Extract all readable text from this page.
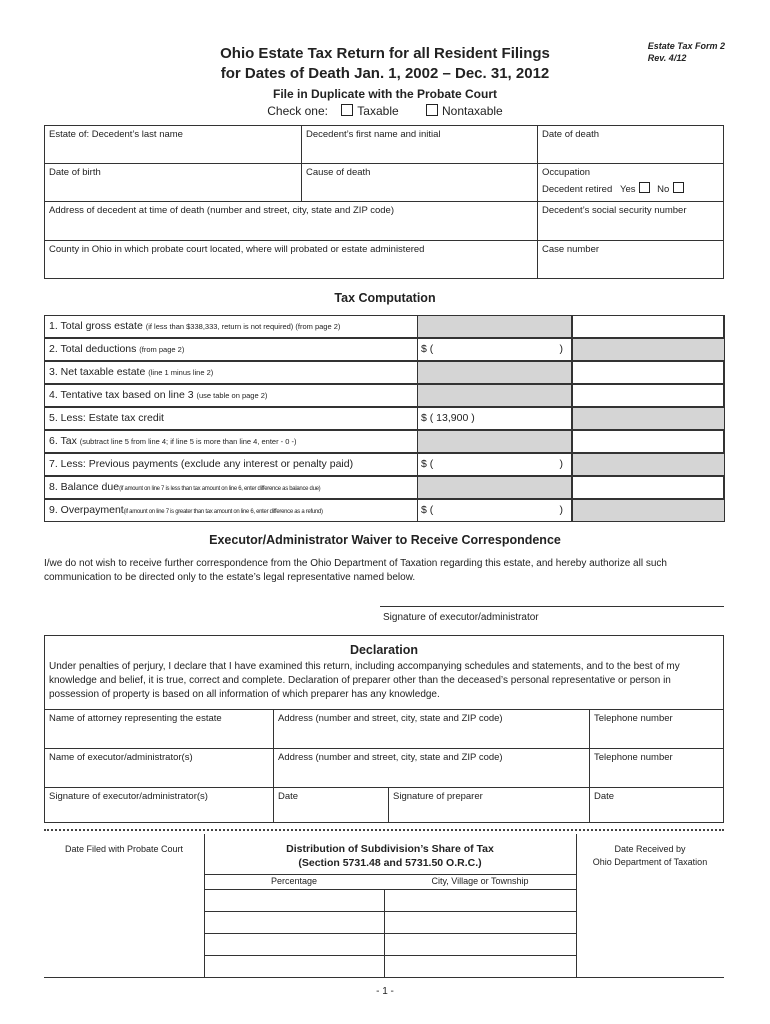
Estate Tax Form 2
Rev. 4/12
Ohio Estate Tax Return for all Resident Filings
for Dates of Death Jan. 1, 2002 – Dec. 31, 2012
File in Duplicate with the Probate Court
Check one: Taxable	Nontaxable
Estate of: Decedent’s last name	Decedent’s first name and initial	Date of death
Date of birth	Cause of death	Occupation
Decedent retired Yes No
Address of decedent at time of death (number and street, city, state and ZIP code)	Decedent’s social security number
County in Ohio in which probate court located, where will probated or estate administered	Case number
Tax Computation
1. Total gross estate (if less than $338,333, return is not required) (from page 2)
2. Total deductions (from page 2)	$ (	)
3. Net taxable estate (line 1 minus line 2)
4. Tentative tax based on line 3 (use table on page 2)
5. Less: Estate tax credit	$ ( 13,900 )
6. Tax (subtract line 5 from line 4; if line 5 is more than line 4, enter - 0 -)
7. Less: Previous payments (exclude any interest or penalty paid)	$ (	)
8. Balance due(if amount on line 7 is less than tax amount on line 6, enter difference as balance due)
9. Overpayment(if amount on line 7 is greater than tax amount on line 6, enter difference as a refund)	$ (	)
Executor/Administrator Waiver to Receive Correspondence
I/we do not wish to receive further correspondence from the Ohio Department of Taxation regarding this estate, and hereby authorize all such communication to be directed only to the estate’s legal representative named below.
Signature of executor/administrator
Declaration
Under penalties of perjury, I declare that I have examined this return, including accompanying schedules and statements, and to the best of my knowledge and belief, it is true, correct and complete. Declaration of preparer other than the deceased’s personal representative or person in possession of property is based on all information of which preparer has any knowledge.
Name of attorney representing the estate	Address (number and street, city, state and ZIP code)	Telephone number
Name of executor/administrator(s)	Address (number and street, city, state and ZIP code)	Telephone number
Signature of executor/administrator(s)	Date	Signature of preparer	Date
Date Filed with Probate Court	Distribution of Subdivision’s Share of Tax
(Section 5731.48 and 5731.50 O.R.C.)
Percentage	City, Village or Township
Date Received by
Ohio Department of Taxation
- 1 -
